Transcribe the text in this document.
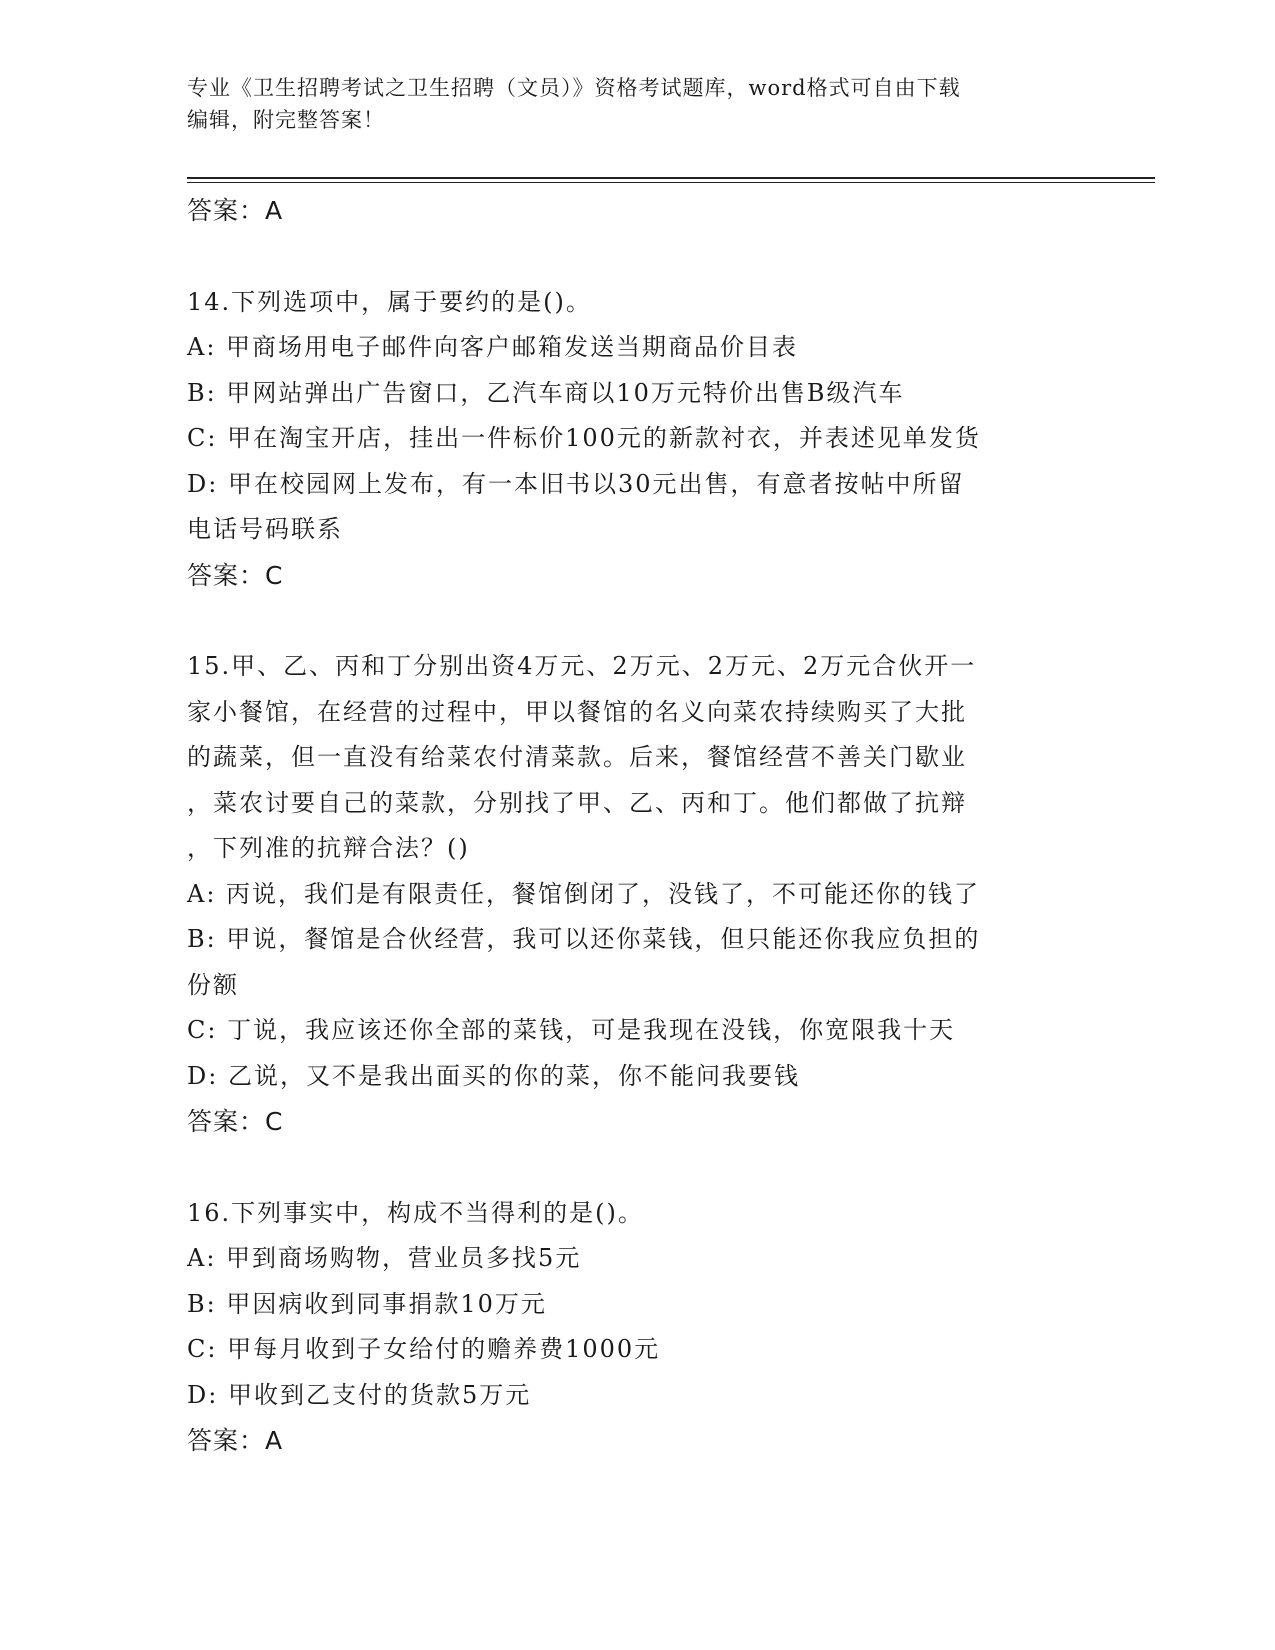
专业《卫生招聘考试之卫生招聘（文员）》资格考试题库，word格式可自由下载
编辑，附完整答案！

答案：A

14.下列选项中，属于要约的是()。

A: 甲商场用电子邮件向客户邮箱发送当期商品价目表

B: 甲网站弹出广告窗口，乙汽车商以10万元特价出售B级汽车

C: 甲在淘宝开店，挂出一件标价100元的新款衬衣，并表述见单发货

D: 甲在校园网上发布，有一本旧书以30元出售，有意者按帖中所留

电话号码联系

答案：C

15.甲、乙、丙和丁分别出资4万元、2万元、2万元、2万元合伙开一

家小餐馆，在经营的过程中，甲以餐馆的名义向菜农持续购买了大批

的蔬菜，但一直没有给菜农付清菜款。后来，餐馆经营不善关门歇业

，菜农讨要自己的菜款，分别找了甲、乙、丙和丁。他们都做了抗辩

，下列准的抗辩合法？()

A: 丙说，我们是有限责任，餐馆倒闭了，没钱了，不可能还你的钱了

B: 甲说，餐馆是合伙经营，我可以还你菜钱，但只能还你我应负担的

份额

C: 丁说，我应该还你全部的菜钱，可是我现在没钱，你宽限我十天

D: 乙说，又不是我出面买的你的菜，你不能问我要钱

答案：C

16.下列事实中，构成不当得利的是()。

A: 甲到商场购物，营业员多找5元

B: 甲因病收到同事捐款10万元

C: 甲每月收到子女给付的赡养费1000元

D: 甲收到乙支付的货款5万元

答案：A
